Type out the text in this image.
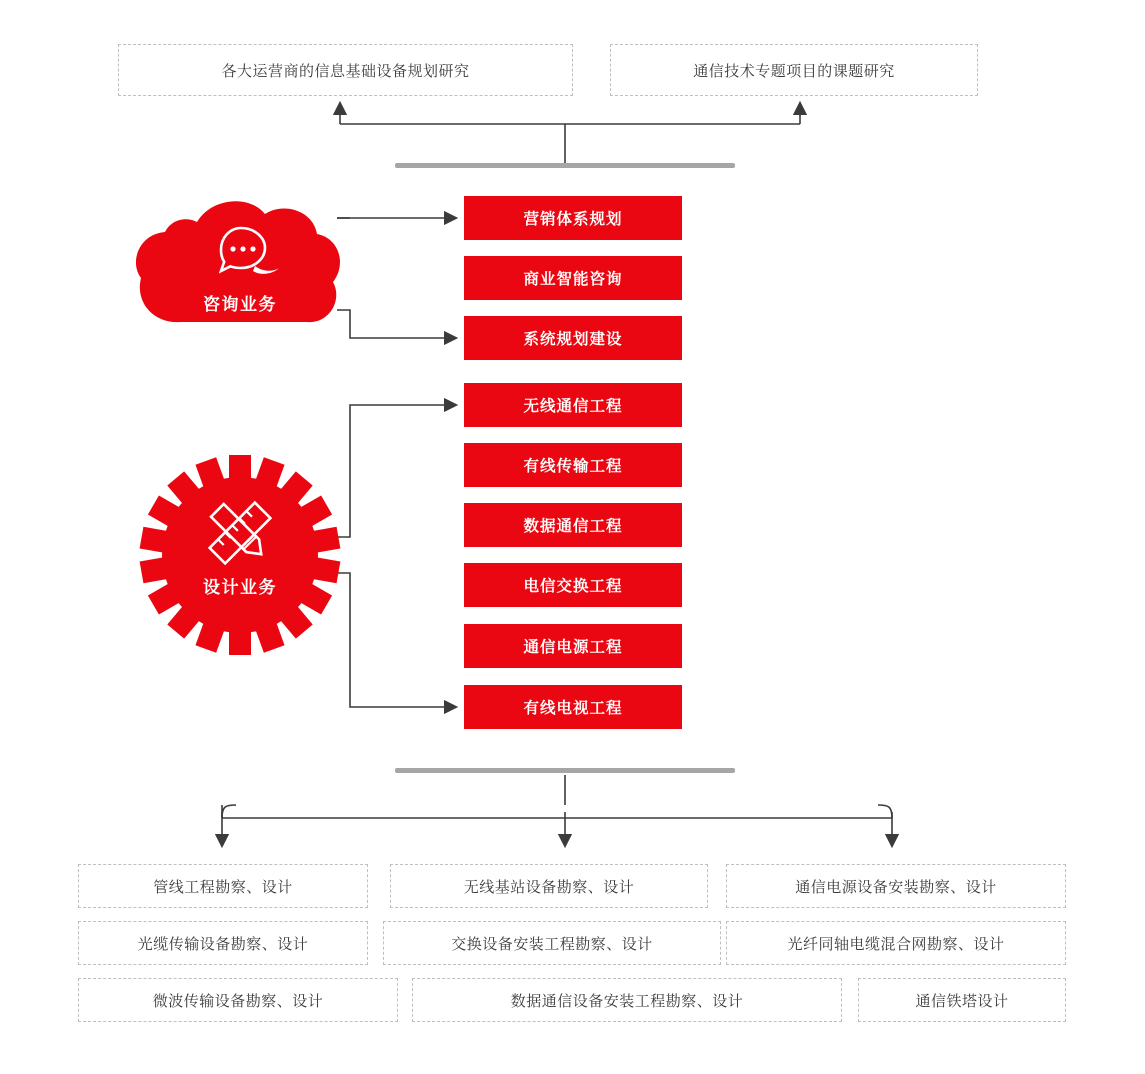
各大运营商的信息基础设备规划研究	通信技术专题项目的课题研究
咨询业务
营销体系规划
商业智能咨询
系统规划建设
设计业务
无线通信工程
有线传输工程
数据通信工程
电信交换工程
通信电源工程
有线电视工程
管线工程勘察、设计
光缆传输设备勘察、设计
微波传输设备勘察、设计
无线基站设备勘察、设计
交换设备安装工程勘察、设计
数据通信设备安装工程勘察、设计
通信电源设备安装勘察、设计
光纤同轴电缆混合网勘察、设计
通信铁塔设计
